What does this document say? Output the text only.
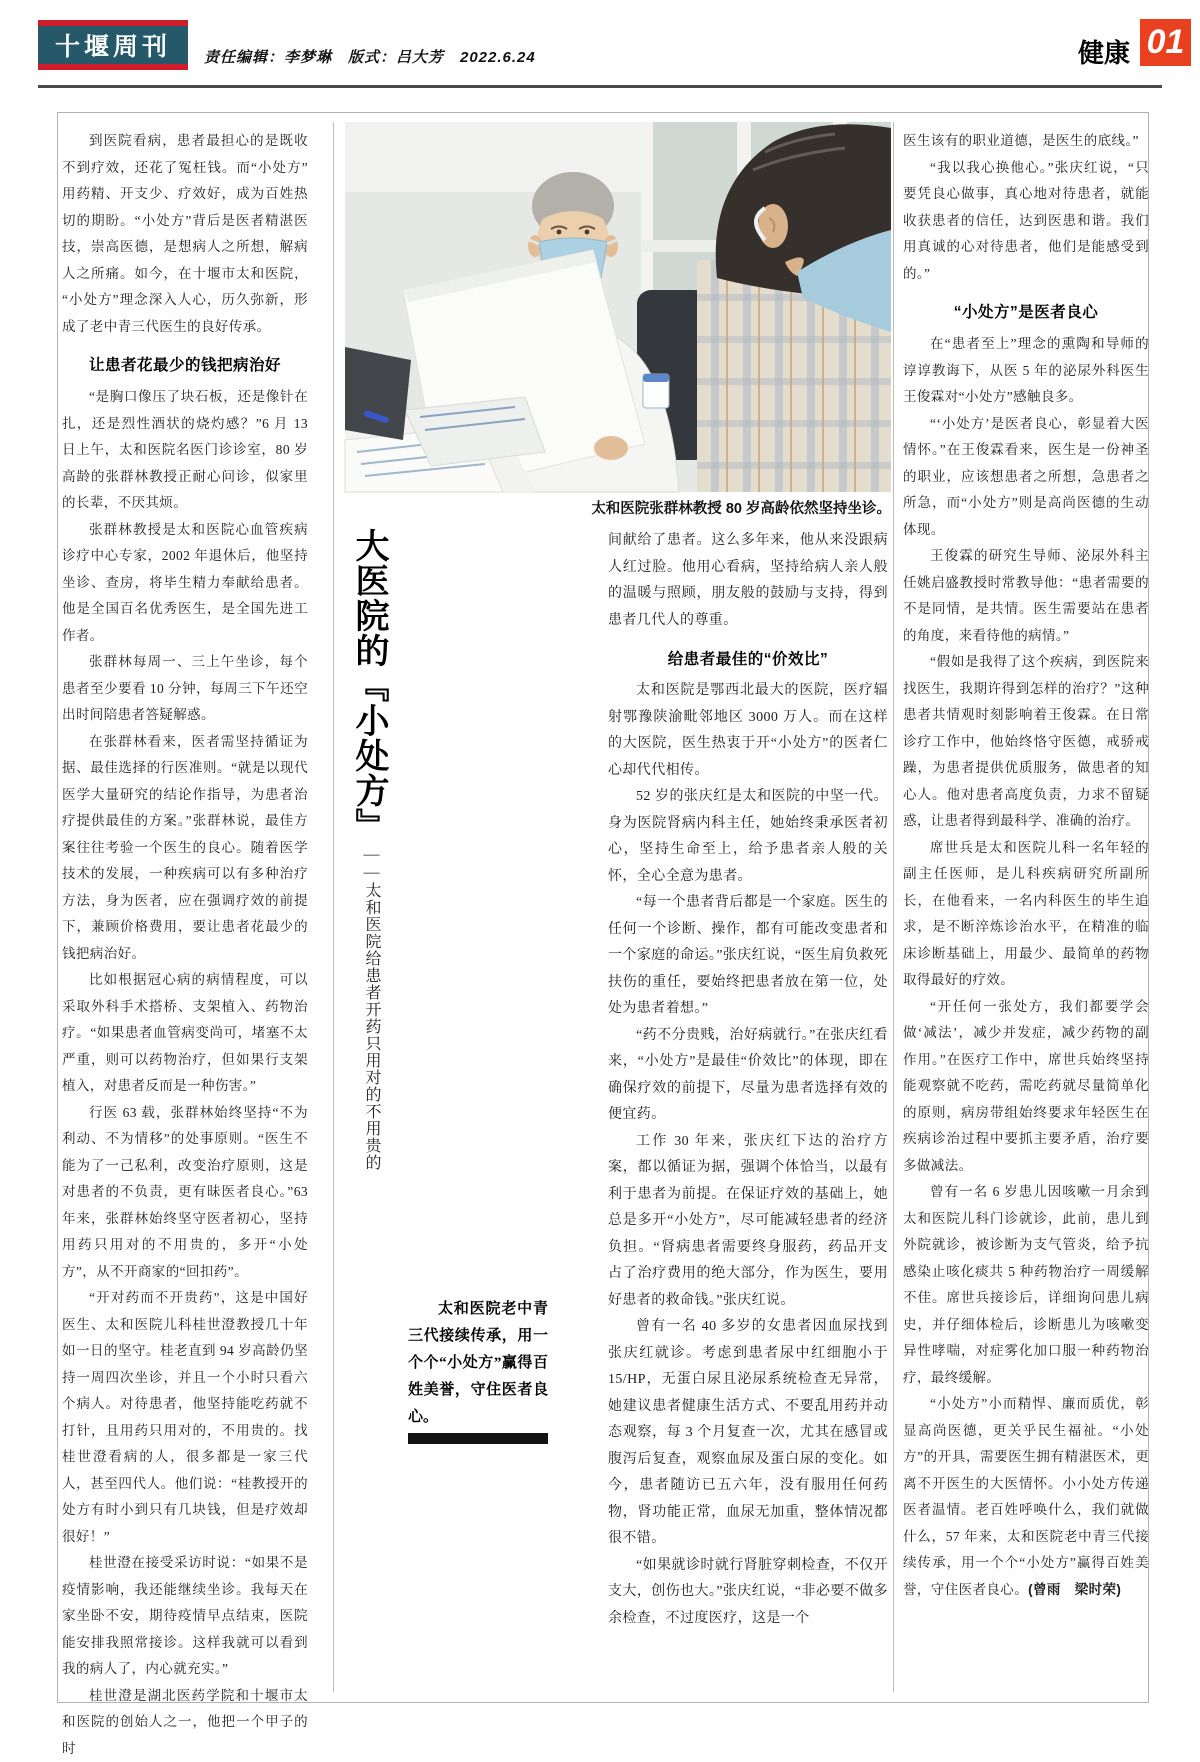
十堰周刊	责任编辑：李梦琳　版式：吕大芳　2022.6.24	健康 01
太和医院张群林教授 80 岁高龄依然坚持坐诊。
大医院的『小处方』
——太和医院给患者开药只用对的不用贵的
太和医院老中青三代接续传承，用一个个“小处方”赢得百姓美誉，守住医者良心。

到医院看病，患者最担心的是既收不到疗效，还花了冤枉钱。而“小处方”用药精、开支少、疗效好，成为百姓热切的期盼。“小处方”背后是医者精湛医技，崇高医德，是想病人之所想，解病人之所痛。如今，在十堰市太和医院，“小处方”理念深入人心，历久弥新，形成了老中青三代医生的良好传承。

让患者花最少的钱把病治好

“是胸口像压了块石板，还是像针在扎，还是烈性酒状的烧灼感？”6 月 13 日上午，太和医院名医门诊诊室，80 岁高龄的张群林教授正耐心问诊，似家里的长辈，不厌其烦。

张群林教授是太和医院心血管疾病诊疗中心专家，2002 年退休后，他坚持坐诊、查房，将毕生精力奉献给患者。他是全国百名优秀医生，是全国先进工作者。

张群林每周一、三上午坐诊，每个患者至少要看 10 分钟，每周三下午还空出时间陪患者答疑解惑。

在张群林看来，医者需坚持循证为据、最佳选择的行医准则。“就是以现代医学大量研究的结论作指导，为患者治疗提供最佳的方案。”张群林说，最佳方案往往考验一个医生的良心。随着医学技术的发展，一种疾病可以有多种治疗方法，身为医者，应在强调疗效的前提下，兼顾价格费用，要让患者花最少的钱把病治好。

比如根据冠心病的病情程度，可以采取外科手术搭桥、支架植入、药物治疗。“如果患者血管病变尚可，堵塞不太严重，则可以药物治疗，但如果行支架植入，对患者反而是一种伤害。”

行医 63 载，张群林始终坚持“不为利动、不为情移”的处事原则。“医生不能为了一己私利，改变治疗原则，这是对患者的不负责，更有昧医者良心。”63 年来，张群林始终坚守医者初心，坚持用药只用对的不用贵的，多开“小处方”，从不开商家的“回扣药”。

“开对药而不开贵药”，这是中国好医生、太和医院儿科桂世澄教授几十年如一日的坚守。桂老直到 94 岁高龄仍坚持一周四次坐诊，并且一个小时只看六个病人。对待患者，他坚持能吃药就不打针，且用药只用对的，不用贵的。找桂世澄看病的人，很多都是一家三代人，甚至四代人。他们说：“桂教授开的处方有时小到只有几块钱，但是疗效却很好！”

桂世澄在接受采访时说：“如果不是疫情影响，我还能继续坐诊。我每天在家坐卧不安，期待疫情早点结束，医院能安排我照常接诊。这样我就可以看到我的病人了，内心就充实。”

桂世澄是湖北医药学院和十堰市太和医院的创始人之一，他把一个甲子的时

间献给了患者。这么多年来，他从来没跟病人红过脸。他用心看病，坚持给病人亲人般的温暖与照顾，朋友般的鼓励与支持，得到患者几代人的尊重。

给患者最佳的“价效比”

太和医院是鄂西北最大的医院，医疗辐射鄂豫陕渝毗邻地区 3000 万人。而在这样的大医院，医生热衷于开“小处方”的医者仁心却代代相传。

52 岁的张庆红是太和医院的中坚一代。身为医院肾病内科主任，她始终秉承医者初心，坚持生命至上，给予患者亲人般的关怀，全心全意为患者。

“每一个患者背后都是一个家庭。医生的任何一个诊断、操作，都有可能改变患者和一个家庭的命运。”张庆红说，“医生肩负救死扶伤的重任，要始终把患者放在第一位，处处为患者着想。”

“药不分贵贱，治好病就行。”在张庆红看来，“小处方”是最佳“价效比”的体现，即在确保疗效的前提下，尽量为患者选择有效的便宜药。

工作 30 年来，张庆红下达的治疗方案，都以循证为据，强调个体恰当，以最有利于患者为前提。在保证疗效的基础上，她总是多开“小处方”，尽可能减轻患者的经济负担。“肾病患者需要终身服药，药品开支占了治疗费用的绝大部分，作为医生，要用好患者的救命钱。”张庆红说。

曾有一名 40 多岁的女患者因血尿找到张庆红就诊。考虑到患者尿中红细胞小于 15/HP，无蛋白尿且泌尿系统检查无异常，她建议患者健康生活方式、不要乱用药并动态观察，每 3 个月复查一次，尤其在感冒或腹泻后复查，观察血尿及蛋白尿的变化。如今，患者随访已五六年，没有服用任何药物，肾功能正常，血尿无加重，整体情况都很不错。

“如果就诊时就行肾脏穿刺检查，不仅开支大，创伤也大。”张庆红说，“非必要不做多余检查，不过度医疗，这是一个

医生该有的职业道德，是医生的底线。”

“我以我心换他心。”张庆红说，“只要凭良心做事，真心地对待患者，就能收获患者的信任，达到医患和谐。我们用真诚的心对待患者，他们是能感受到的。”

“小处方”是医者良心

在“患者至上”理念的熏陶和导师的谆谆教诲下，从医 5 年的泌尿外科医生王俊霖对“小处方”感触良多。

“‘小处方’是医者良心，彰显着大医情怀。”在王俊霖看来，医生是一份神圣的职业，应该想患者之所想，急患者之所急，而“小处方”则是高尚医德的生动体现。

王俊霖的研究生导师、泌尿外科主任姚启盛教授时常教导他：“患者需要的不是同情，是共情。医生需要站在患者的角度，来看待他的病情。”

“假如是我得了这个疾病，到医院来找医生，我期许得到怎样的治疗？”这种患者共情观时刻影响着王俊霖。在日常诊疗工作中，他始终恪守医德，戒骄戒躁，为患者提供优质服务，做患者的知心人。他对患者高度负责，力求不留疑惑，让患者得到最科学、准确的治疗。

席世兵是太和医院儿科一名年轻的副主任医师，是儿科疾病研究所副所长，在他看来，一名内科医生的毕生追求，是不断淬炼诊治水平，在精准的临床诊断基础上，用最少、最简单的药物取得最好的疗效。

“开任何一张处方，我们都要学会做‘减法’，减少并发症，减少药物的副作用。”在医疗工作中，席世兵始终坚持能观察就不吃药，需吃药就尽量简单化的原则，病房带组始终要求年轻医生在疾病诊治过程中要抓主要矛盾，治疗要多做减法。

曾有一名 6 岁患儿因咳嗽一月余到太和医院儿科门诊就诊，此前，患儿到外院就诊，被诊断为支气管炎，给予抗感染止咳化痰共 5 种药物治疗一周缓解不佳。席世兵接诊后，详细询问患儿病史，并仔细体检后，诊断患儿为咳嗽变异性哮喘，对症雾化加口服一种药物治疗，最终缓解。

“小处方”小而精悍、廉而质优，彰显高尚医德，更关乎民生福祉。“小处方”的开具，需要医生拥有精湛医术，更离不开医生的大医情怀。小小处方传递医者温情。老百姓呼唤什么，我们就做什么，57 年来，太和医院老中青三代接续传承，用一个个“小处方”赢得百姓美誉，守住医者良心。(曾雨　梁时荣)
